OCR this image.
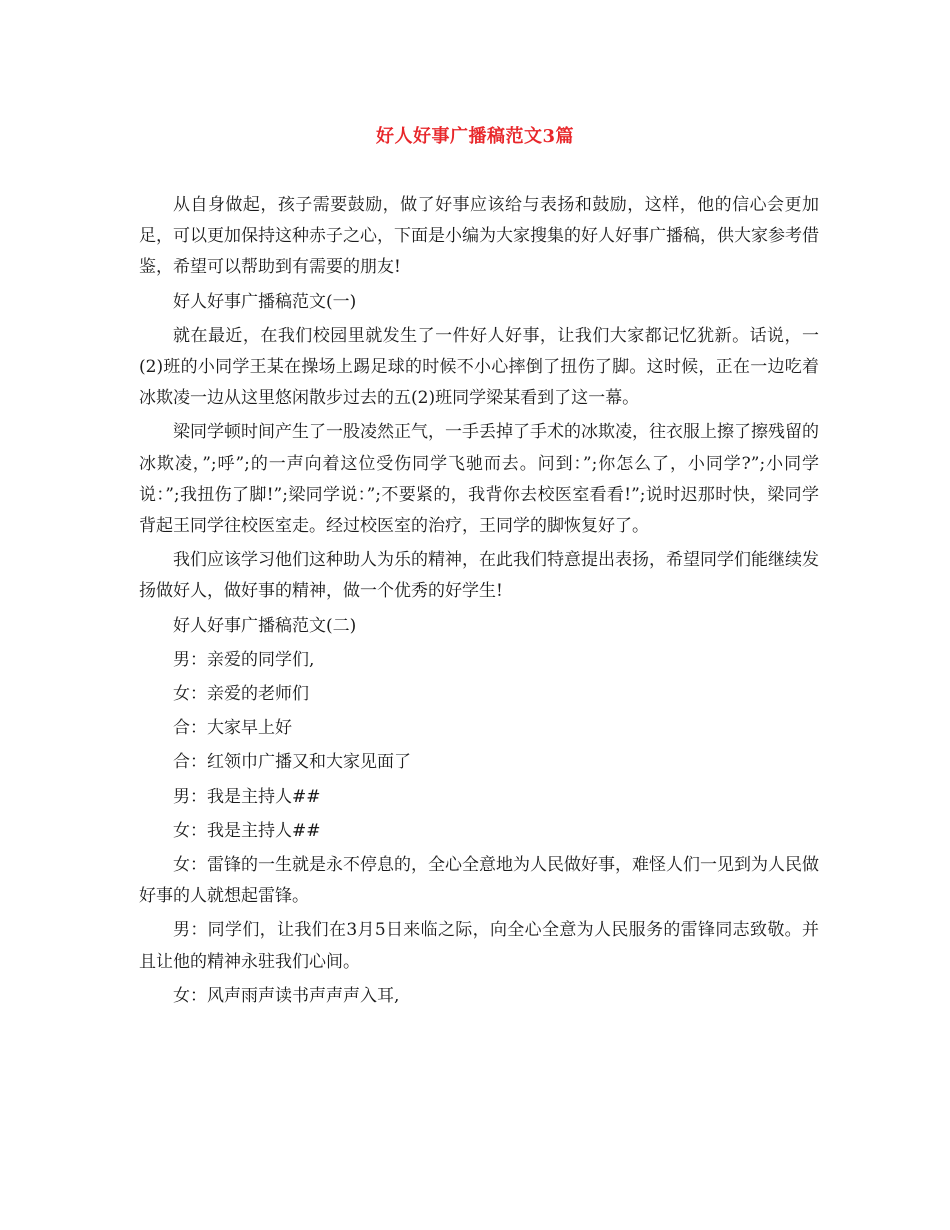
好人好事广播稿范文3篇

从自身做起，孩子需要鼓励，做了好事应该给与表扬和鼓励，这样，他的信心会更加足，可以更加保持这种赤子之心，下面是小编为大家搜集的好人好事广播稿，供大家参考借鉴，希望可以帮助到有需要的朋友!

好人好事广播稿范文(一)

就在最近，在我们校园里就发生了一件好人好事，让我们大家都记忆犹新。话说，一(2)班的小同学王某在操场上踢足球的时候不小心摔倒了扭伤了脚。这时候，正在一边吃着冰欺凌一边从这里悠闲散步过去的五(2)班同学梁某看到了这一幕。

梁同学顿时间产生了一股凌然正气，一手丢掉了手术的冰欺凌，往衣服上擦了擦残留的冰欺凌，”;呼”;的一声向着这位受伤同学飞驰而去。问到：”;你怎么了，小同学?”;小同学说：”;我扭伤了脚!”;梁同学说：”;不要紧的，我背你去校医室看看!”;说时迟那时快，梁同学背起王同学往校医室走。经过校医室的治疗，王同学的脚恢复好了。

我们应该学习他们这种助人为乐的精神，在此我们特意提出表扬，希望同学们能继续发扬做好人，做好事的精神，做一个优秀的好学生!

好人好事广播稿范文(二)

男：亲爱的同学们,

女：亲爱的老师们

合：大家早上好

合：红领巾广播又和大家见面了

男：我是主持人##

女：我是主持人##

女：雷锋的一生就是永不停息的，全心全意地为人民做好事，难怪人们一见到为人民做好事的人就想起雷锋。

男：同学们，让我们在3月5日来临之际，向全心全意为人民服务的雷锋同志致敬。并且让他的精神永驻我们心间。

女：风声雨声读书声声声入耳,
